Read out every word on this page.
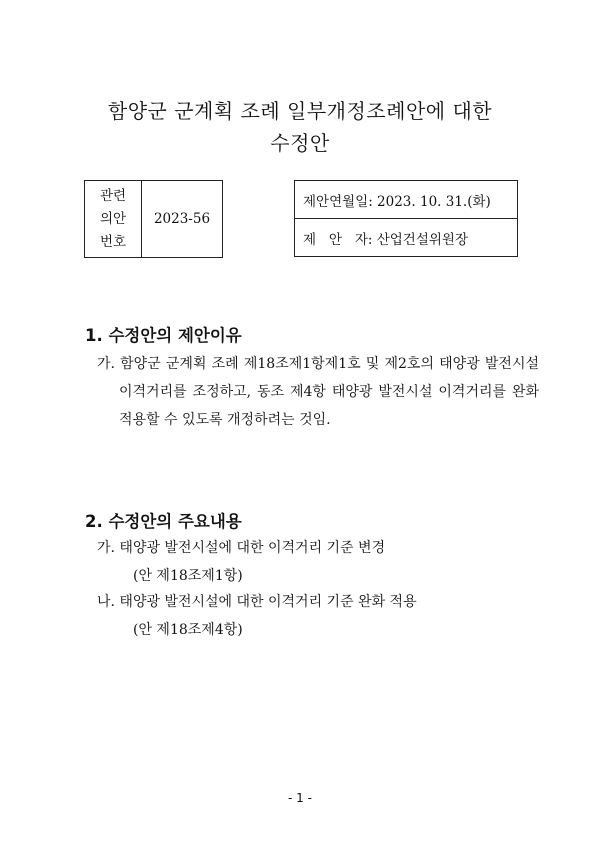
함양군 군계획 조례 일부개정조례안에 대한
수정안
관련
의안
번호
	2023-56
제안연월일: 2023. 10. 31.(화)
제   안   자: 산업건설위원장
1. 수정안의 제안이유
가. 함양군 군계획 조례 제18조제1항제1호 및 제2호의 태양광 발전시설 이격거리를 조정하고, 동조 제4항 태양광 발전시설 이격거리를 완화 적용할 수 있도록 개정하려는 것임.
2. 수정안의 주요내용
가. 태양광 발전시설에 대한 이격거리 기준 변경
(안 제18조제1항)
나. 태양광 발전시설에 대한 이격거리 기준 완화 적용
(안 제18조제4항)
- 1 -
